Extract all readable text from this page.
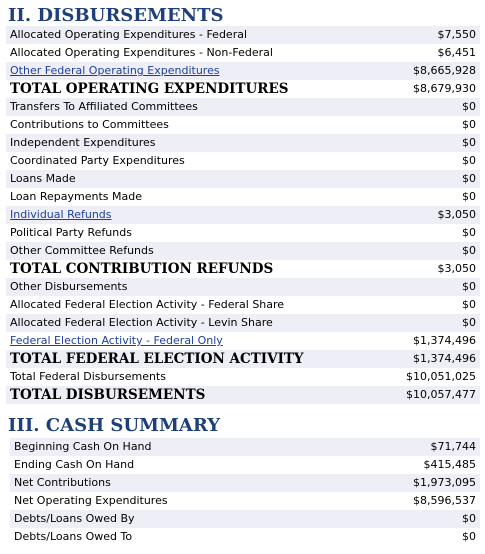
II. DISBURSEMENTS
Allocated Operating Expenditures - Federal	$7,550
Allocated Operating Expenditures - Non-Federal	$6,451
Other Federal Operating Expenditures	$8,665,928
TOTAL OPERATING EXPENDITURES	$8,679,930
Transfers To Affiliated Committees	$0
Contributions to Committees	$0
Independent Expenditures	$0
Coordinated Party Expenditures	$0
Loans Made	$0
Loan Repayments Made	$0
Individual Refunds	$3,050
Political Party Refunds	$0
Other Committee Refunds	$0
TOTAL CONTRIBUTION REFUNDS	$3,050
Other Disbursements	$0
Allocated Federal Election Activity - Federal Share	$0
Allocated Federal Election Activity - Levin Share	$0
Federal Election Activity - Federal Only	$1,374,496
TOTAL FEDERAL ELECTION ACTIVITY	$1,374,496
Total Federal Disbursements	$10,051,025
TOTAL DISBURSEMENTS	$10,057,477
III. CASH SUMMARY
Beginning Cash On Hand	$71,744
Ending Cash On Hand	$415,485
Net Contributions	$1,973,095
Net Operating Expenditures	$8,596,537
Debts/Loans Owed By	$0
Debts/Loans Owed To	$0
